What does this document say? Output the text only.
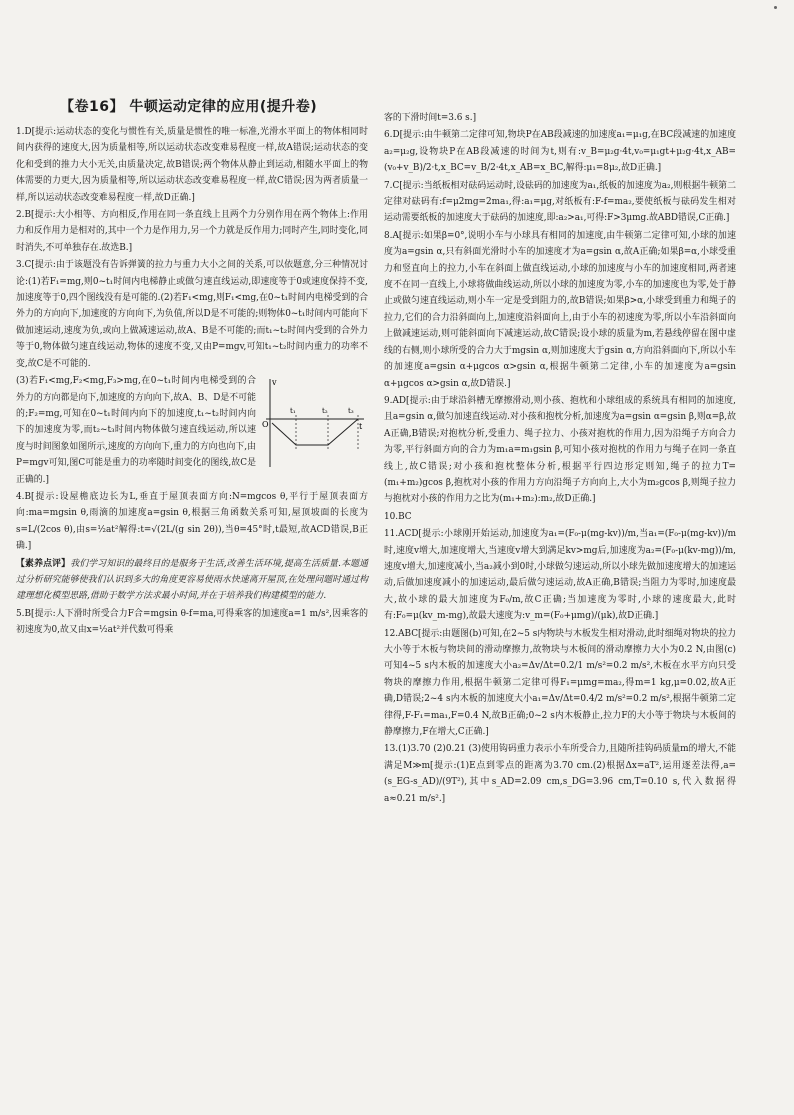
【卷16】 牛顿运动定律的应用(提升卷)

1.D[提示:运动状态的变化与惯性有关,质量是惯性的唯一标准,光滑水平面上的物体相同时间内获得的速度大,因为质量相等,所以运动状态改变难易程度一样,故A错误;运动状态的变化和受到的推力大小无关,由质量决定,故B错误;两个物体从静止到运动,相随水平面上的物体需要的力更大,因为质量相等,所以运动状态改变难易程度一样,故C错误;因为两者质量一样,所以运动状态改变难易程度一样,故D正确.]

2.B[提示:大小相等、方向相反,作用在同一条直线上且两个力分别作用在两个物体上:作用力和反作用力是相对的,其中一个力是作用力,另一个力就是反作用力;同时产生,同时变化,同时消失,不可单独存在.故选B.]

3.C[提示:由于该题没有告诉弹簧的拉力与重力大小之间的关系,可以依题意,分三种情况讨论:(1)若F₁=mg,则0~t₁时间内电梯静止或做匀速直线运动,即速度等于0或速度保持不变,加速度等于0,四个图线没有是可能的.(2)若F₁<mg,则F₁<mg,在0~t₁时间内电梯受到的合外力的方向向下,加速度的方向向下,为负值,所以D是不可能的;则物体0~t₁时间内可能向下做加速运动,速度为负,或向上做减速运动,故A、B是不可能的;而t₁~t₂时间内受到的合外力等于0,物体做匀速直线运动,物体的速度不变,又由P=mgv,可知t₁~t₂时间内重力的功率不变,故C是不可能的.

v
t
O
t₁	t₂	t₃

(3)若F₁<mg,F₂<mg,F₃>mg,在0~t₁时间内电梯受到的合外力的方向都是向下,加速度的方向向下,故A、B、D是不可能的;F₂=mg,可知在0~t₁时间内向下的加速度,t₁~t₂时间内向下的加速度为零,而t₂~t₃时间内物体做匀速直线运动,所以速度与时间图象如图所示,速度的方向向下,重力的方向也向下,由P=mgv可知,图C可能是重力的功率随时间变化的图线,故C是正确的.]

4.B[提示:设屋檐底边长为L,垂直于屋顶表面方向:N=mgcos θ,平行于屋顶表面方向:ma=mgsin θ,雨滴的加速度a=gsin θ,根据三角函数关系可知,屋顶坡面的长度为s=L/(2cos θ),由s=½at²解得:t=√(2L/(g sin 2θ)),当θ=45°时,t最短,故ACD错误,B正确.]

【素养点评】我们学习知识的最终目的是服务于生活,改善生活环境,提高生活质量.本题通过分析研究能够使我们认识到多大的角度更容易使雨水快速离开屋顶,在处理问题时通过构建理想化模型思路,借助于数学方法求最小时间,并在于培养我们构建模型的能力.

5.B[提示:人下滑时所受合力F合=mgsin θ-f=ma,可得乘客的加速度a=1 m/s²,因乘客的初速度为0,故又由x=½at²并代数可得乘

客的下滑时间t=3.6 s.]

6.D[提示:由牛顿第二定律可知,物块P在AB段减速的加速度a₁=μ₁g,在BC段减速的加速度a₂=μ₂g,设物块P在AB段减速的时间为t,则有:v_B=μ₂g·4t,v₀=μ₁gt+μ₂g·4t,x_AB=(v₀+v_B)/2·t,x_BC=v_B/2·4t,x_AB=x_BC,解得:μ₁=8μ₂,故D正确.]

7.C[提示:当纸板相对砝码运动时,设砝码的加速度为a₁,纸板的加速度为a₂,则根据牛顿第二定律对砝码有:f=μ2mg=2ma₁,得:a₁=μg,对纸板有:F-f=ma₂,要使纸板与砝码发生相对运动需要纸板的加速度大于砝码的加速度,即:a₂>a₁,可得:F>3μmg.故ABD错误,C正确.]

8.A[提示:如果β=0°,说明小车与小球具有相同的加速度,由牛顿第二定律可知,小球的加速度为a=gsin α,只有斜面光滑时小车的加速度才为a=gsin α,故A正确;如果β=α,小球受重力和竖直向上的拉力,小车在斜面上做直线运动,小球的加速度与小车的加速度相同,两者速度不在同一直线上,小球将做曲线运动,所以小球的加速度为零,小车的加速度也为零,处于静止或做匀速直线运动,则小车一定是受到阻力的,故B错误;如果β>α,小球受到重力和绳子的拉力,它们的合力沿斜面向上,加速度沿斜面向上,由于小车的初速度为零,所以小车沿斜面向上做减速运动,则可能斜面向下减速运动,故C错误;设小球的质量为m,若悬线停留在图中虚线的右侧,则小球所受的合力大于mgsin α,则加速度大于gsin α,方向沿斜面向下,所以小车的加速度a=gsin α+μgcos α>gsin α,根据牛顿第二定律,小车的加速度为a=gsin α+μgcos α>gsin α,故D错误.]

9.AD[提示:由于球沿斜槽无摩擦滑动,则小孩、抱枕和小球组成的系统具有相同的加速度,且a=gsin α,做匀加速直线运动.对小孩和抱枕分析,加速度为a=gsin α=gsin β,则α=β,故A正确,B错误;对抱枕分析,受重力、绳子拉力、小孩对抱枕的作用力,因为沿绳子方向合力为零,平行斜面方向的合力为m₁a=m₁gsin β,可知小孩对抱枕的作用力与绳子在同一条直线上,故C错误;对小孩和抱枕整体分析,根据平行四边形定则知,绳子的拉力T=(m₁+m₂)gcos β,抱枕对小孩的作用力方向沿绳子方向向上,大小为m₂gcos β,则绳子拉力与抱枕对小孩的作用力之比为(m₁+m₂):m₂,故D正确.]

10.BC

11.ACD[提示:小球刚开始运动,加速度为a₁=(F₀-μ(mg-kv))/m,当a₁=(F₀-μ(mg-kv))/m时,速度v增大,加速度增大,当速度v增大到满足kv>mg后,加速度为a₂=(F₀-μ(kv-mg))/m,速度v增大,加速度减小,当a₂减小到0时,小球做匀速运动,所以小球先做加速度增大的加速运动,后做加速度减小的加速运动,最后做匀速运动,故A正确,B错误;当阻力为零时,加速度最大,故小球的最大加速度为F₀/m,故C正确;当加速度为零时,小球的速度最大,此时有:F₀=μ(kv_m-mg),故最大速度为:v_m=(F₀+μmg)/(μk),故D正确.]

12.ABC[提示:由题图(b)可知,在2~5 s内物块与木板发生相对滑动,此时细绳对物块的拉力大小等于木板与物块间的滑动摩擦力,故物块与木板间的滑动摩擦力大小为0.2 N,由图(c)可知4~5 s内木板的加速度大小a₂=Δv/Δt=0.2/1 m/s²=0.2 m/s²,木板在水平方向只受物块的摩擦力作用,根据牛顿第二定律可得F₁=μmg=ma₂,得m=1 kg,μ=0.02,故A正确,D错误;2~4 s内木板的加速度大小a₁=Δv/Δt=0.4/2 m/s²=0.2 m/s²,根据牛顿第二定律得,F-F₁=ma₁,F=0.4 N,故B正确;0~2 s内木板静止,拉力F的大小等于物块与木板间的静摩擦力,F在增大,C正确.]

13.(1)3.70 (2)0.21 (3)使用钩码重力表示小车所受合力,且随所挂钩码质量m的增大,不能满足M≫m[提示:(1)E点到零点的距离为3.70 cm.(2)根据Δx=aT²,运用逐差法得,a=(s_EG-s_AD)/(9T²),其中s_AD=2.09 cm,s_DG=3.96 cm,T=0.10 s,代入数据得a≈0.21 m/s².]
